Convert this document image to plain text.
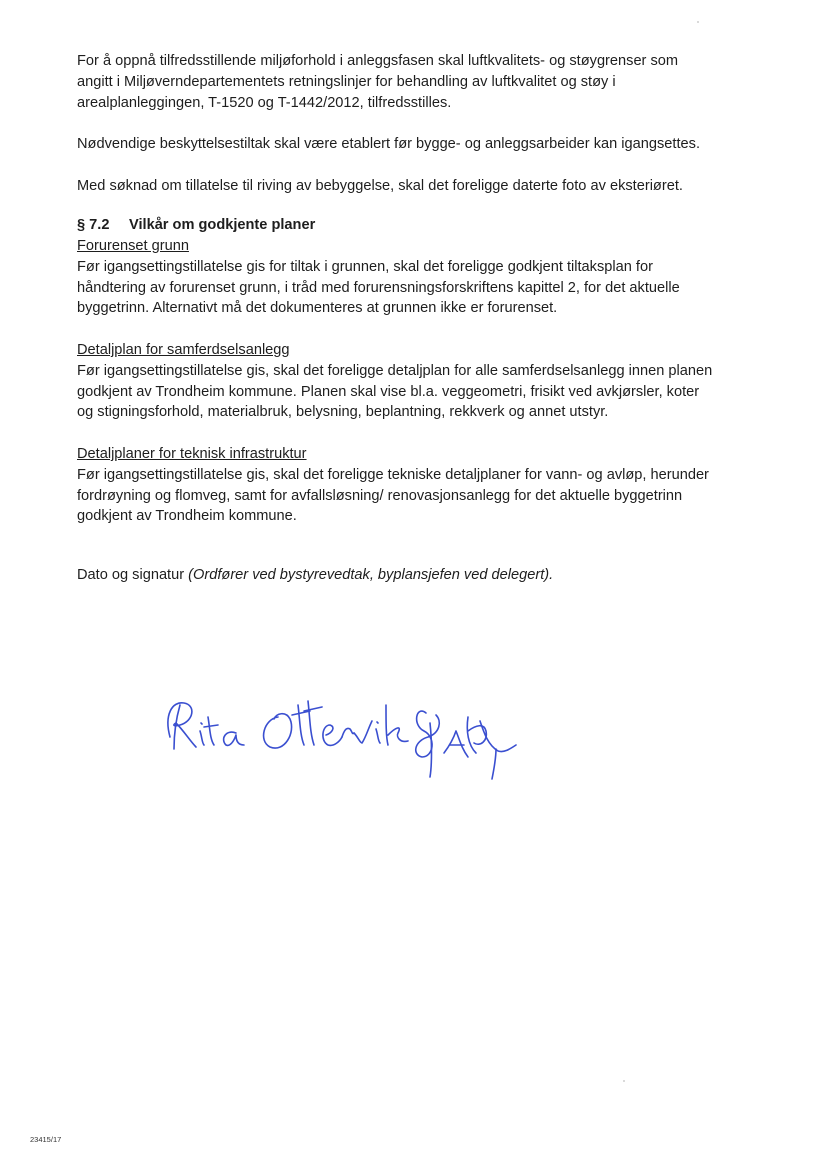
For å oppnå tilfredsstillende miljøforhold i anleggsfasen skal luftkvalitets- og støygrenser som
angitt i Miljøverndepartementets retningslinjer for behandling av luftkvalitet og støy i
arealplanleggingen, T-1520 og T-1442/2012, tilfredsstilles.

Nødvendige beskyttelsestiltak skal være etablert før bygge- og anleggsarbeider kan igangsettes.

Med søknad om tillatelse til riving av bebyggelse, skal det foreligge daterte foto av eksteriøret.

§ 7.2 Vilkår om godkjente planer

Forurenset grunn
Før igangsettingstillatelse gis for tiltak i grunnen, skal det foreligge godkjent tiltaksplan for
håndtering av forurenset grunn, i tråd med forurensningsforskriftens kapittel 2, for det aktuelle
byggetrinn. Alternativt må det dokumenteres at grunnen ikke er forurenset.
Detaljplan for samferdselsanlegg
Før igangsettingstillatelse gis, skal det foreligge detaljplan for alle samferdselsanlegg innen planen
godkjent av Trondheim kommune. Planen skal vise bl.a. veggeometri, frisikt ved avkjørsler, koter
og stigningsforhold, materialbruk, belysning, beplantning, rekkverk og annet utstyr.
Detaljplaner for teknisk infrastruktur
Før igangsettingstillatelse gis, skal det foreligge tekniske detaljplaner for vann- og avløp, herunder
fordrøyning og flomveg, samt for avfallsløsning/ renovasjonsanlegg for det aktuelle byggetrinn
godkjent av Trondheim kommune.

Dato og signatur (Ordfører ved bystyrevedtak, byplansjefen ved delegert).

23415/17
